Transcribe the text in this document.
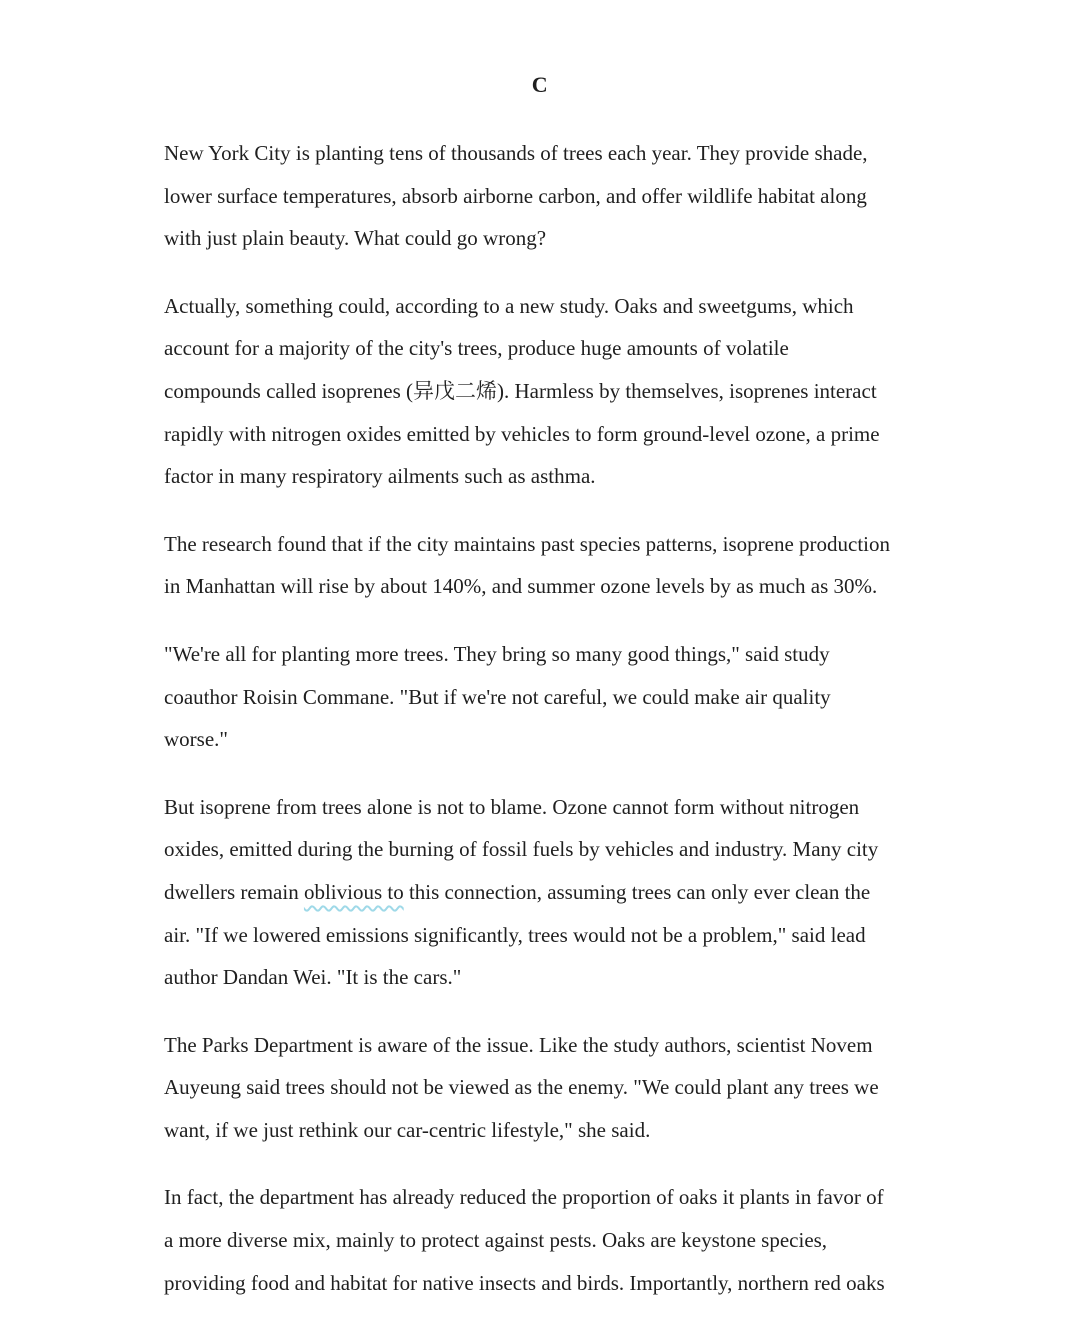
C

New York City is planting tens of thousands of trees each year. They provide shade,
lower surface temperatures, absorb airborne carbon, and offer wildlife habitat along
with just plain beauty. What could go wrong?

Actually, something could, according to a new study. Oaks and sweetgums, which
account for a majority of the city's trees, produce huge amounts of volatile
compounds called isoprenes (异戊二烯). Harmless by themselves, isoprenes interact
rapidly with nitrogen oxides emitted by vehicles to form ground-level ozone, a prime
factor in many respiratory ailments such as asthma.

The research found that if the city maintains past species patterns, isoprene production
in Manhattan will rise by about 140%, and summer ozone levels by as much as 30%.

"We're all for planting more trees. They bring so many good things," said study
coauthor Roisin Commane. "But if we're not careful, we could make air quality
worse."

But isoprene from trees alone is not to blame. Ozone cannot form without nitrogen
oxides, emitted during the burning of fossil fuels by vehicles and industry. Many city
dwellers remain oblivious to this connection, assuming trees can only ever clean the
air. "If we lowered emissions significantly, trees would not be a problem," said lead
author Dandan Wei. "It is the cars."

The Parks Department is aware of the issue. Like the study authors, scientist Novem
Auyeung said trees should not be viewed as the enemy. "We could plant any trees we
want, if we just rethink our car-centric lifestyle," she said.

In fact, the department has already reduced the proportion of oaks it plants in favor of
a more diverse mix, mainly to protect against pests. Oaks are keystone species,
providing food and habitat for native insects and birds. Importantly, northern red oaks
